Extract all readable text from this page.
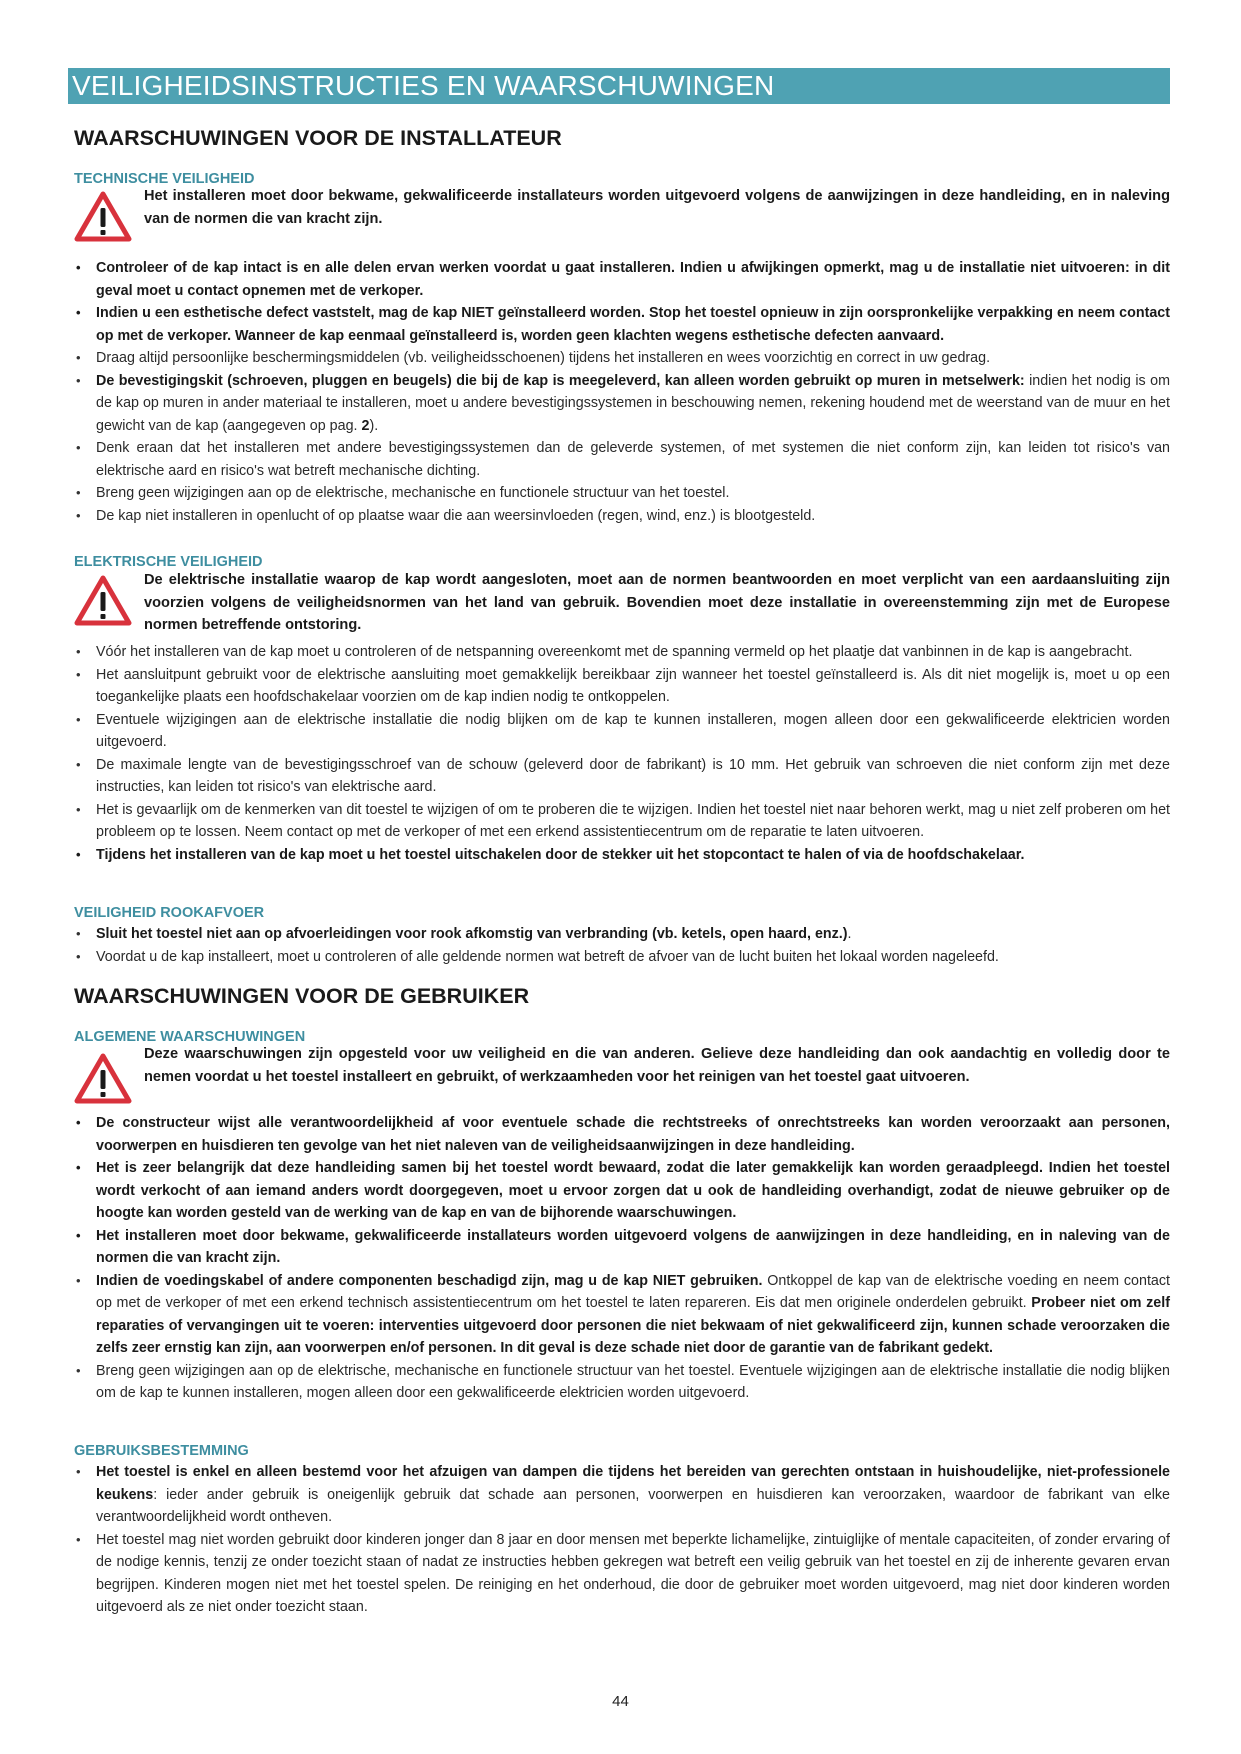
VEILIGHEIDSINSTRUCTIES EN WAARSCHUWINGEN
WAARSCHUWINGEN VOOR DE INSTALLATEUR
TECHNISCHE VEILIGHEID
Het installeren moet door bekwame, gekwalificeerde installateurs worden uitgevoerd volgens de aanwijzingen in deze handleiding, en in naleving van de normen die van kracht zijn.
• Controleer of de kap intact is en alle delen ervan werken voordat u gaat installeren. Indien u afwijkingen opmerkt, mag u de installatie niet uitvoeren: in dit geval moet u contact opnemen met de verkoper.
• Indien u een esthetische defect vaststelt, mag de kap NIET geïnstalleerd worden. Stop het toestel opnieuw in zijn oorspronkelijke verpakking en neem contact op met de verkoper. Wanneer de kap eenmaal geïnstalleerd is, worden geen klachten wegens esthetische defecten aanvaard.
• Draag altijd persoonlijke beschermingsmiddelen (vb. veiligheidsschoenen) tijdens het installeren en wees voorzichtig en correct in uw gedrag.
• De bevestigingskit (schroeven, pluggen en beugels) die bij de kap is meegeleverd, kan alleen worden gebruikt op muren in metselwerk: indien het nodig is om de kap op muren in ander materiaal te installeren, moet u andere bevestigingssystemen in beschouwing nemen, rekening houdend met de weerstand van de muur en het gewicht van de kap (aangegeven op pag. 2).
• Denk eraan dat het installeren met andere bevestigingssystemen dan de geleverde systemen, of met systemen die niet conform zijn, kan leiden tot risico's van elektrische aard en risico's wat betreft mechanische dichting.
• Breng geen wijzigingen aan op de elektrische, mechanische en functionele structuur van het toestel.
• De kap niet installeren in openlucht of op plaatse waar die aan weersinvloeden (regen, wind, enz.) is blootgesteld.
ELEKTRISCHE VEILIGHEID
De elektrische installatie waarop de kap wordt aangesloten, moet aan de normen beantwoorden en moet verplicht van een aardaansluiting zijn voorzien volgens de veiligheidsnormen van het land van gebruik. Bovendien moet deze installatie in overeenstemming zijn met de Europese normen betreffende ontstoring.
• Vóór het installeren van de kap moet u controleren of de netspanning overeenkomt met de spanning vermeld op het plaatje dat vanbinnen in de kap is aangebracht.
• Het aansluitpunt gebruikt voor de elektrische aansluiting moet gemakkelijk bereikbaar zijn wanneer het toestel geïnstalleerd is. Als dit niet mogelijk is, moet u op een toegankelijke plaats een hoofdschakelaar voorzien om de kap indien nodig te ontkoppelen.
• Eventuele wijzigingen aan de elektrische installatie die nodig blijken om de kap te kunnen installeren, mogen alleen door een gekwalificeerde elektricien worden uitgevoerd.
• De maximale lengte van de bevestigingsschroef van de schouw (geleverd door de fabrikant) is 10 mm. Het gebruik van schroeven die niet conform zijn met deze instructies, kan leiden tot risico's van elektrische aard.
• Het is gevaarlijk om de kenmerken van dit toestel te wijzigen of om te proberen die te wijzigen. Indien het toestel niet naar behoren werkt, mag u niet zelf proberen om het probleem op te lossen. Neem contact op met de verkoper of met een erkend assistentiecentrum om de reparatie te laten uitvoeren.
• Tijdens het installeren van de kap moet u het toestel uitschakelen door de stekker uit het stopcontact te halen of via de hoofdschakelaar.
VEILIGHEID ROOKAFVOER
• Sluit het toestel niet aan op afvoerleidingen voor rook afkomstig van verbranding (vb. ketels, open haard, enz.).
• Voordat u de kap installeert, moet u controleren of alle geldende normen wat betreft de afvoer van de lucht buiten het lokaal worden nageleefd.
WAARSCHUWINGEN VOOR DE GEBRUIKER
ALGEMENE WAARSCHUWINGEN
Deze waarschuwingen zijn opgesteld voor uw veiligheid en die van anderen. Gelieve deze handleiding dan ook aandachtig en volledig door te nemen voordat u het toestel installeert en gebruikt, of werkzaamheden voor het reinigen van het toestel gaat uitvoeren.
• De constructeur wijst alle verantwoordelijkheid af voor eventuele schade die rechtstreeks of onrechtstreeks kan worden veroorzaakt aan personen, voorwerpen en huisdieren ten gevolge van het niet naleven van de veiligheidsaanwijzingen in deze handleiding.
• Het is zeer belangrijk dat deze handleiding samen bij het toestel wordt bewaard, zodat die later gemakkelijk kan worden geraadpleegd. Indien het toestel wordt verkocht of aan iemand anders wordt doorgegeven, moet u ervoor zorgen dat u ook de handleiding overhandigt, zodat de nieuwe gebruiker op de hoogte kan worden gesteld van de werking van de kap en van de bijhorende waarschuwingen.
• Het installeren moet door bekwame, gekwalificeerde installateurs worden uitgevoerd volgens de aanwijzingen in deze handleiding, en in naleving van de normen die van kracht zijn.
• Indien de voedingskabel of andere componenten beschadigd zijn, mag u de kap NIET gebruiken. Ontkoppel de kap van de elektrische voeding en neem contact op met de verkoper of met een erkend technisch assistentiecentrum om het toestel te laten repareren. Eis dat men originele onderdelen gebruikt. Probeer niet om zelf reparaties of vervangingen uit te voeren: interventies uitgevoerd door personen die niet bekwaam of niet gekwalificeerd zijn, kunnen schade veroorzaken die zelfs zeer ernstig kan zijn, aan voorwerpen en/of personen. In dit geval is deze schade niet door de garantie van de fabrikant gedekt.
• Breng geen wijzigingen aan op de elektrische, mechanische en functionele structuur van het toestel. Eventuele wijzigingen aan de elektrische installatie die nodig blijken om de kap te kunnen installeren, mogen alleen door een gekwalificeerde elektricien worden uitgevoerd.
GEBRUIKSBESTEMMING
• Het toestel is enkel en alleen bestemd voor het afzuigen van dampen die tijdens het bereiden van gerechten ontstaan in huishoudelijke, niet-professionele keukens: ieder ander gebruik is oneigenlijk gebruik dat schade aan personen, voorwerpen en huisdieren kan veroorzaken, waardoor de fabrikant van elke verantwoordelijkheid wordt ontheven.
• Het toestel mag niet worden gebruikt door kinderen jonger dan 8 jaar en door mensen met beperkte lichamelijke, zintuiglijke of mentale capaciteiten, of zonder ervaring of de nodige kennis, tenzij ze onder toezicht staan of nadat ze instructies hebben gekregen wat betreft een veilig gebruik van het toestel en zij de inherente gevaren ervan begrijpen. Kinderen mogen niet met het toestel spelen. De reiniging en het onderhoud, die door de gebruiker moet worden uitgevoerd, mag niet door kinderen worden uitgevoerd als ze niet onder toezicht staan.
44
